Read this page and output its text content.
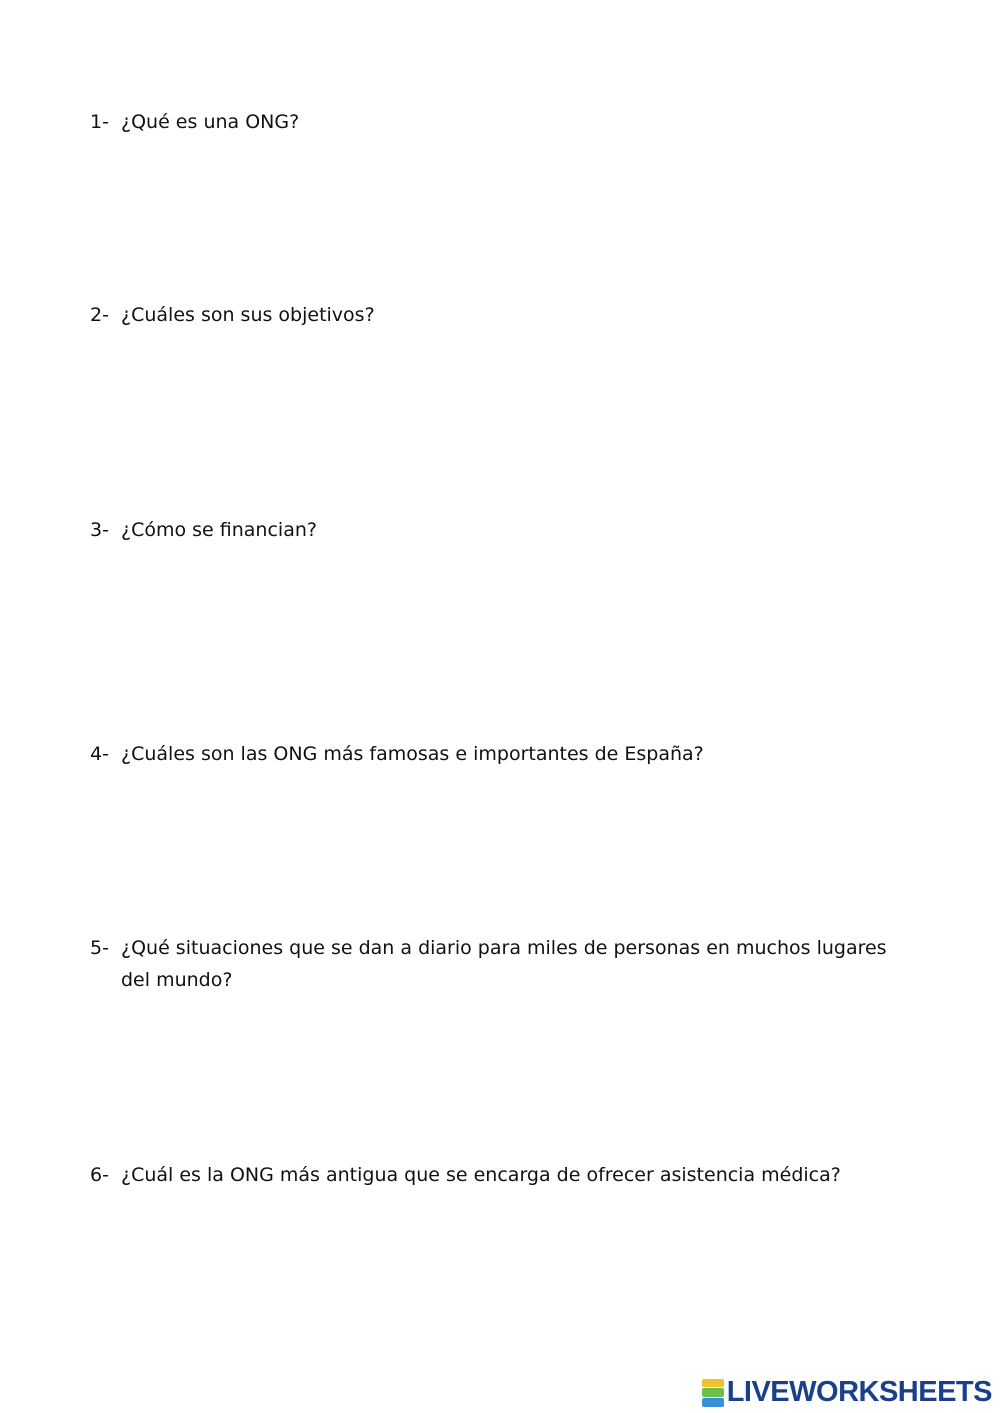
1- ¿Qué es una ONG?
2- ¿Cuáles son sus objetivos?
3- ¿Cómo se financian?
4- ¿Cuáles son las ONG más famosas e importantes de España?
5- ¿Qué situaciones que se dan a diario para miles de personas en muchos lugares del mundo?
6- ¿Cuál es la ONG más antigua que se encarga de ofrecer asistencia médica?
LIVEWORKSHEETS
